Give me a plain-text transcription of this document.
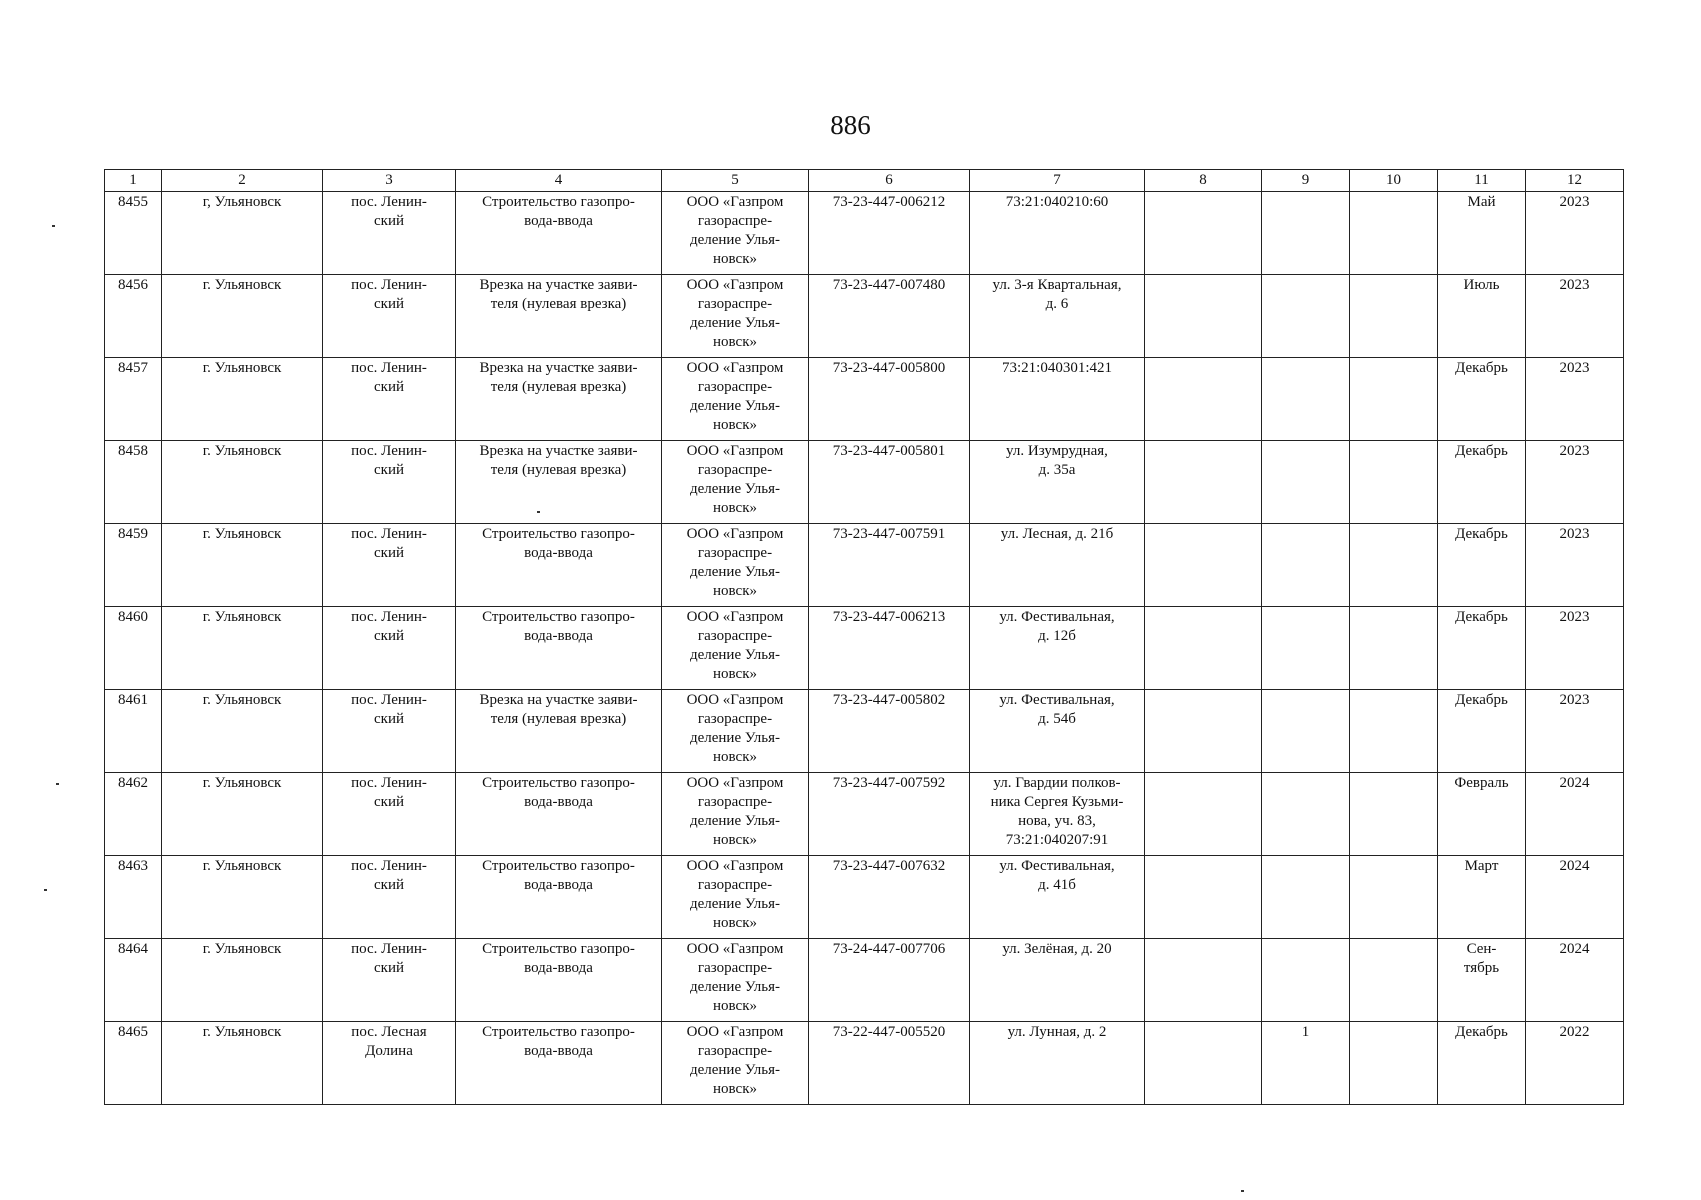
886
1	2	3	4	5	6	7	8	9	10	11	12
8455	г, Ульяновск	пос. Ленин-
ский	Строительство газопро-
вода-ввода	ООО «Газпром
газораспре-
деление Улья-
новск»	73-23-447-006212	73:21:040210:60				Май	2023
8456	г. Ульяновск	пос. Ленин-
ский	Врезка на участке заяви-
теля (нулевая врезка)	ООО «Газпром
газораспре-
деление Улья-
новск»	73-23-447-007480	ул. 3-я Квартальная,
д. 6				Июль	2023
8457	г. Ульяновск	пос. Ленин-
ский	Врезка на участке заяви-
теля (нулевая врезка)	ООО «Газпром
газораспре-
деление Улья-
новск»	73-23-447-005800	73:21:040301:421				Декабрь	2023
8458	г. Ульяновск	пос. Ленин-
ский	Врезка на участке заяви-
теля (нулевая врезка)	ООО «Газпром
газораспре-
деление Улья-
новск»	73-23-447-005801	ул. Изумрудная,
д. 35а				Декабрь	2023
8459	г. Ульяновск	пос. Ленин-
ский	Строительство газопро-
вода-ввода	ООО «Газпром
газораспре-
деление Улья-
новск»	73-23-447-007591	ул. Лесная, д. 21б				Декабрь	2023
8460	г. Ульяновск	пос. Ленин-
ский	Строительство газопро-
вода-ввода	ООО «Газпром
газораспре-
деление Улья-
новск»	73-23-447-006213	ул. Фестивальная,
д. 12б				Декабрь	2023
8461	г. Ульяновск	пос. Ленин-
ский	Врезка на участке заяви-
теля (нулевая врезка)	ООО «Газпром
газораспре-
деление Улья-
новск»	73-23-447-005802	ул. Фестивальная,
д. 54б				Декабрь	2023
8462	г. Ульяновск	пос. Ленин-
ский	Строительство газопро-
вода-ввода	ООО «Газпром
газораспре-
деление Улья-
новск»	73-23-447-007592	ул. Гвардии полков-
ника Сергея Кузьми-
нова, уч. 83,
73:21:040207:91				Февраль	2024
8463	г. Ульяновск	пос. Ленин-
ский	Строительство газопро-
вода-ввода	ООО «Газпром
газораспре-
деление Улья-
новск»	73-23-447-007632	ул. Фестивальная,
д. 41б				Март	2024
8464	г. Ульяновск	пос. Ленин-
ский	Строительство газопро-
вода-ввода	ООО «Газпром
газораспре-
деление Улья-
новск»	73-24-447-007706	ул. Зелёная, д. 20				Сен-
тябрь	2024
8465	г. Ульяновск	пос. Лесная
Долина	Строительство газопро-
вода-ввода	ООО «Газпром
газораспре-
деление Улья-
новск»	73-22-447-005520	ул. Лунная, д. 2		1		Декабрь	2022
